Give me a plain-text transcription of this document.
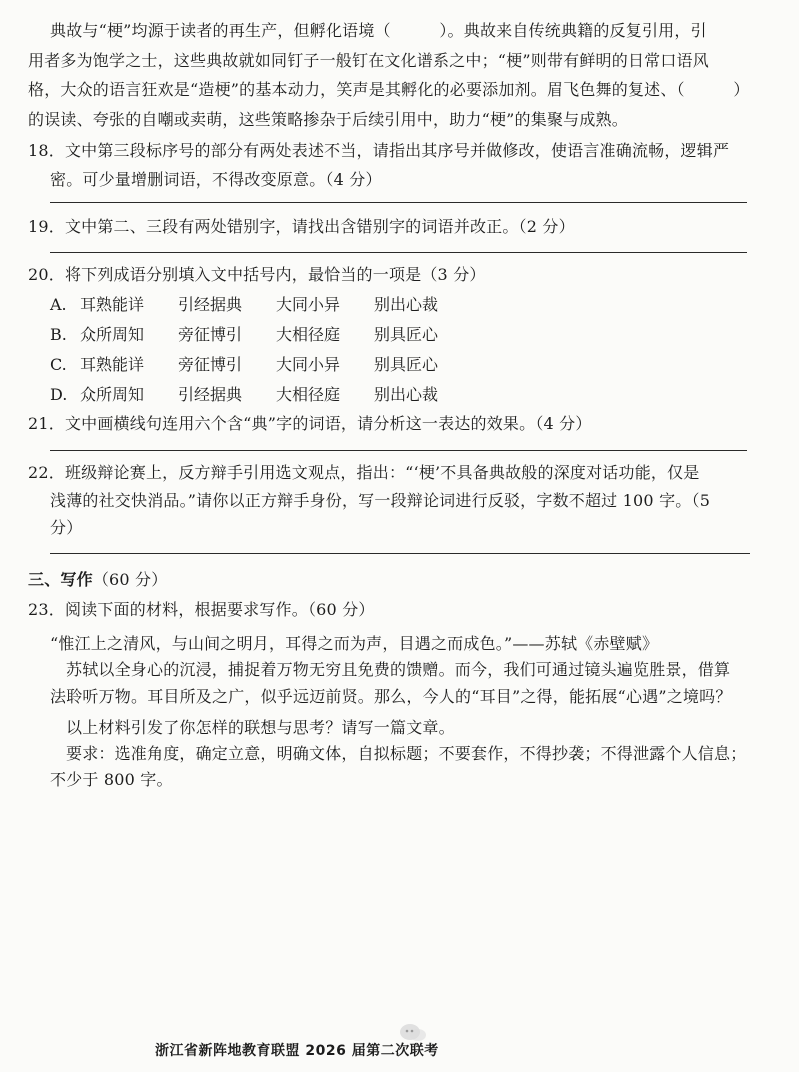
典故与“梗”均源于读者的再生产，但孵化语境（　　　）。典故来自传统典籍的反复引用，引
用者多为饱学之士，这些典故就如同钉子一般钉在文化谱系之中；“梗”则带有鲜明的日常口语风
格，大众的语言狂欢是“造梗”的基本动力，笑声是其孵化的必要添加剂。眉飞色舞的复述、（　　　）
的误读、夸张的自嘲或卖萌，这些策略掺杂于后续引用中，助力“梗”的集聚与成熟。
18．文中第三段标序号的部分有两处表述不当，请指出其序号并做修改，使语言准确流畅，逻辑严
密。可少量增删词语，不得改变原意。（4 分）
19．文中第二、三段有两处错别字，请找出含错别字的词语并改正。（2 分）
20．将下列成语分别填入文中括号内，最恰当的一项是（3 分）
A. 耳熟能详 引经据典 大同小异 别出心裁
B. 众所周知 旁征博引 大相径庭 别具匠心
C. 耳熟能详 旁征博引 大同小异 别具匠心
D. 众所周知 引经据典 大相径庭 别出心裁
21．文中画横线句连用六个含“典”字的词语，请分析这一表达的效果。（4 分）
22．班级辩论赛上，反方辩手引用选文观点，指出：“‘梗’不具备典故般的深度对话功能，仅是
浅薄的社交快消品。”请你以正方辩手身份，写一段辩论词进行反驳，字数不超过 100 字。（5
分）
三、写作（60 分）
23．阅读下面的材料，根据要求写作。（60 分）
“惟江上之清风，与山间之明月，耳得之而为声，目遇之而成色。”——苏轼《赤壁赋》
苏轼以全身心的沉浸，捕捉着万物无穷且免费的馈赠。而今，我们可通过镜头遍览胜景，借算
法聆听万物。耳目所及之广，似乎远迈前贤。那么，今人的“耳目”之得，能拓展“心遇”之境吗？
以上材料引发了你怎样的联想与思考？请写一篇文章。
要求：选准角度，确定立意，明确文体，自拟标题；不要套作，不得抄袭；不得泄露个人信息；
不少于 800 字。
浙江省新阵地教育联盟 2026 届第二次联考
